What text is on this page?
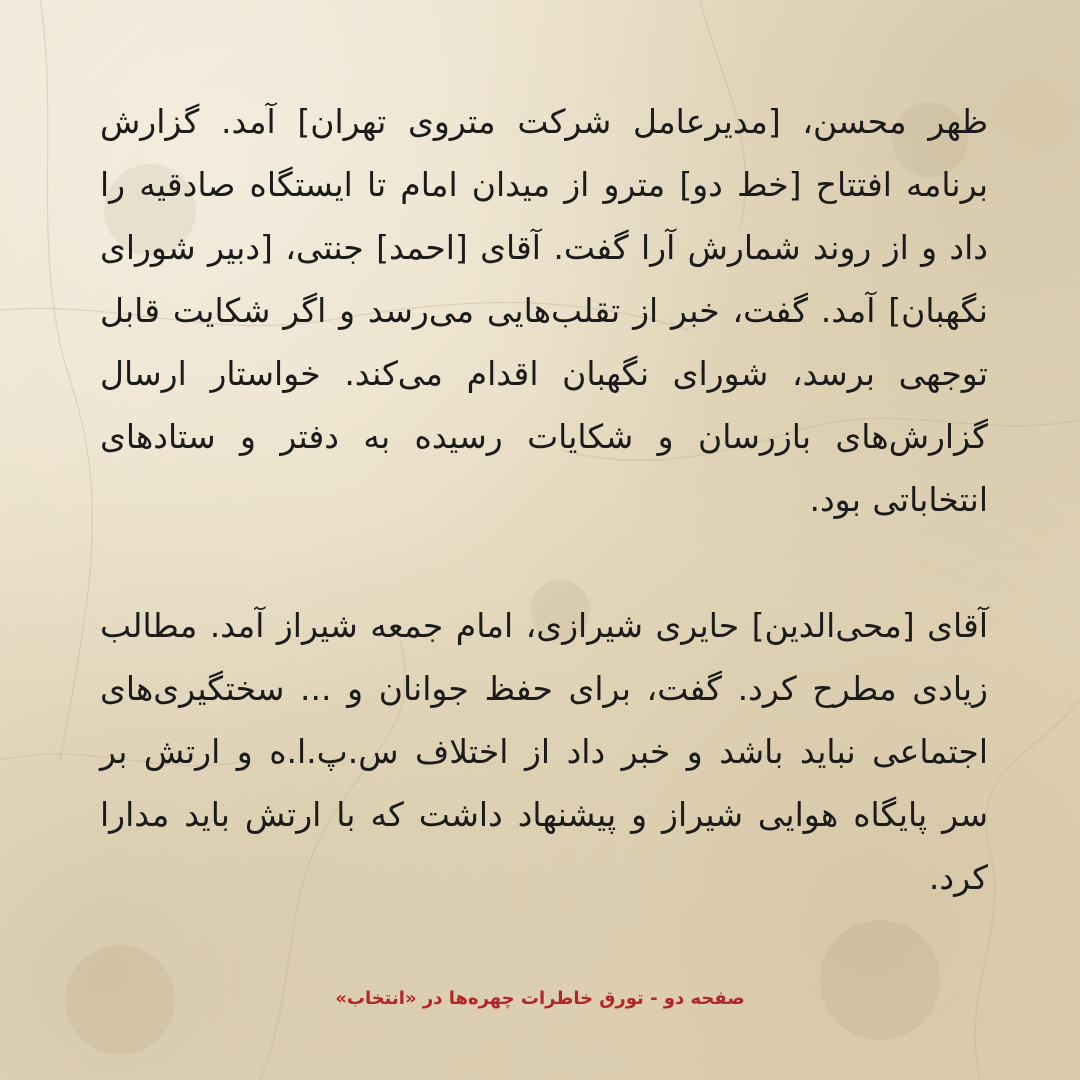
ظهر محسن، [مدیرعامل شرکت متروی تهران] آمد. گزارش برنامه افتتاح [خط دو] مترو از میدان امام تا ایستگاه صادقیه را داد و از روند شمارش آرا گفت. آقای [احمد] جنتی، [دبیر شورای نگهبان] آمد. گفت، خبر از تقلب‌هایی می‌رسد و اگر شکایت قابل توجهی برسد، شورای نگهبان اقدام می‌کند. خواستار ارسال گزارش‌های بازرسان و شکایات رسیده به دفتر و ستادهای انتخاباتی بود.

آقای [محی‌الدین] حایری شیرازی، امام جمعه شیراز آمد. مطالب زیادی مطرح کرد. گفت، برای حفظ جوانان و ... سختگیری‌های اجتماعی نباید باشد و خبر داد از اختلاف س.پ.ا.ه و ارتش بر سر پایگاه هوایی شیراز و پیشنهاد داشت که با ارتش باید مدارا کرد.

صفحه دو - تورق خاطرات چهره‌ها در «انتخاب»
